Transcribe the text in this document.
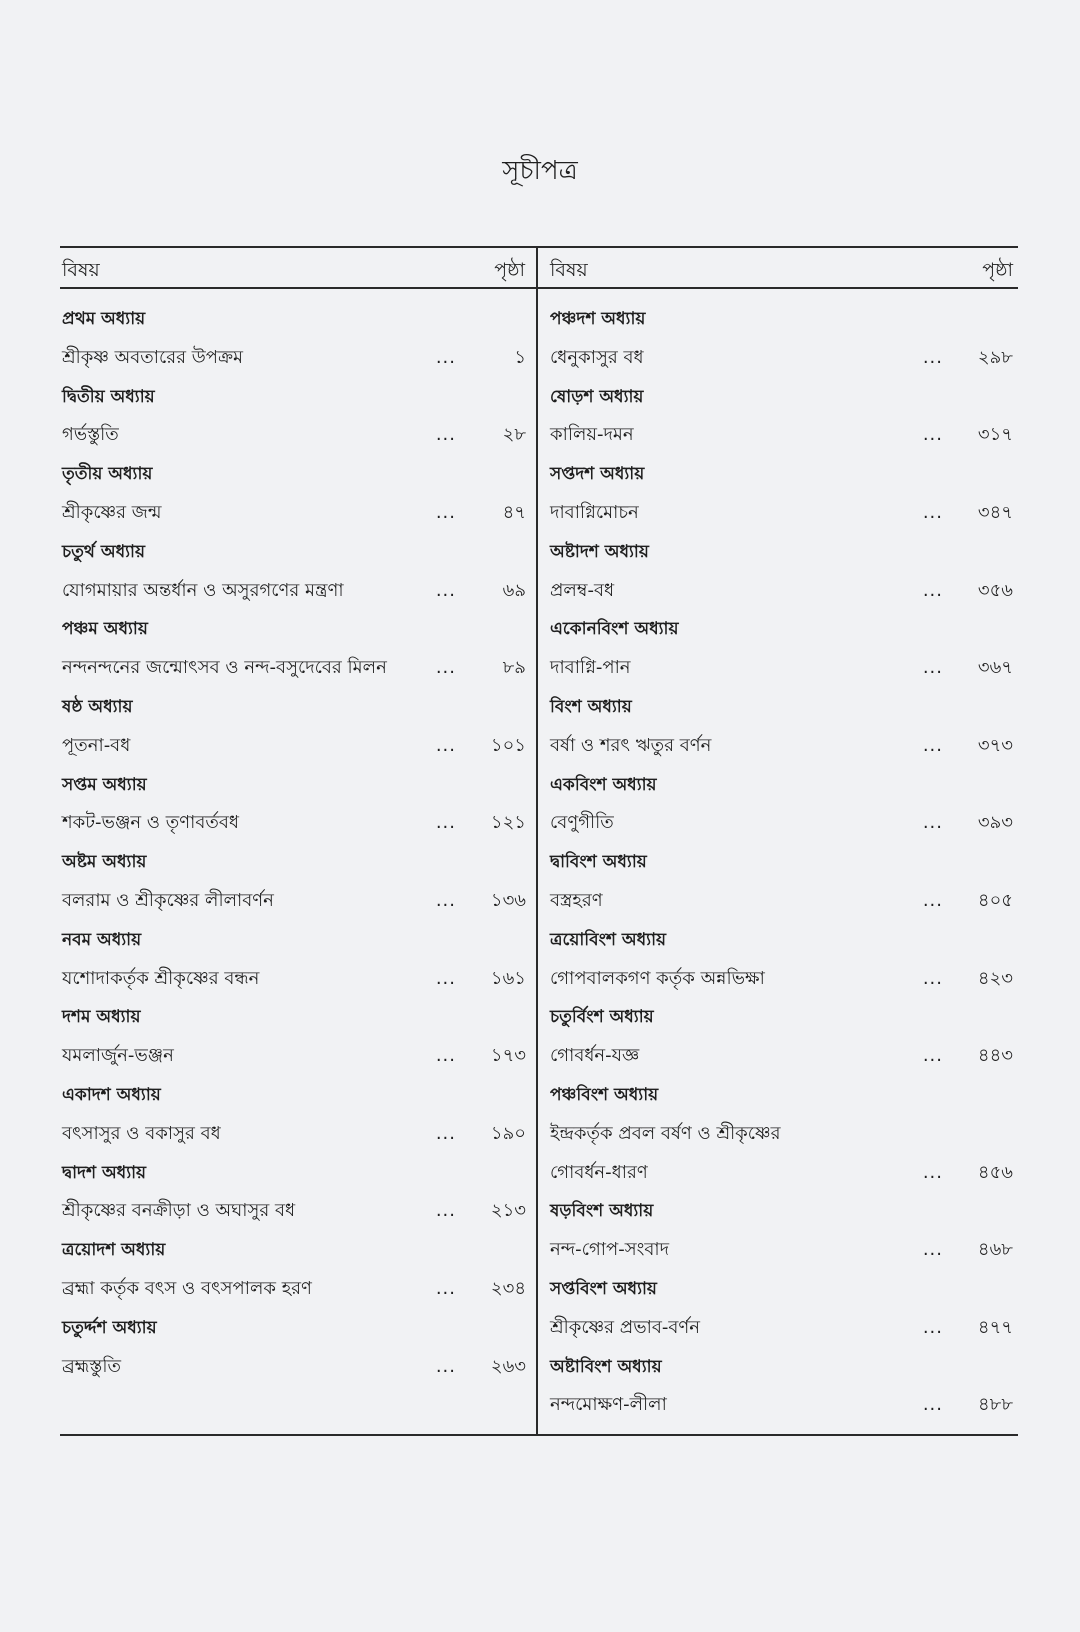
সূচীপত্র
বিষয়	পৃষ্ঠা বিষয়	পৃষ্ঠা
প্রথম অধ্যায়
শ্রীকৃষ্ণ অবতারের উপক্রম	...	১
দ্বিতীয় অধ্যায়
গর্ভস্তুতি	...	২৮
তৃতীয় অধ্যায়
শ্রীকৃষ্ণের জন্ম	...	৪৭
চতুর্থ অধ্যায়
যোগমায়ার অন্তর্ধান ও অসুরগণের মন্ত্রণা	...	৬৯
পঞ্চম অধ্যায়
নন্দনন্দনের জন্মোৎসব ও নন্দ-বসুদেবের মিলন	...	৮৯
ষষ্ঠ অধ্যায়
পূতনা-বধ	... ১০১
সপ্তম অধ্যায়
শকট-ভঞ্জন ও তৃণাবর্তবধ	... ১২১
অষ্টম অধ্যায়
বলরাম ও শ্রীকৃষ্ণের লীলাবর্ণন	... ১৩৬
নবম অধ্যায়
যশোদাকর্তৃক শ্রীকৃষ্ণের বন্ধন	... ১৬১
দশম অধ্যায়
যমলার্জুন-ভঞ্জন	... ১৭৩
একাদশ অধ্যায়
বৎসাসুর ও বকাসুর বধ	... ১৯০
দ্বাদশ অধ্যায়
শ্রীকৃষ্ণের বনক্রীড়া ও অঘাসুর বধ	... ২১৩
ত্রয়োদশ অধ্যায়
ব্রহ্মা কর্তৃক বৎস ও বৎসপালক হরণ	... ২৩৪
চতুর্দ্দশ অধ্যায়
ব্রহ্মস্তুতি	... ২৬৩
পঞ্চদশ অধ্যায়
ধেনুকাসুর বধ	... ২৯৮
ষোড়শ অধ্যায়
কালিয়-দমন	... ৩১৭
সপ্তদশ অধ্যায়
দাবাগ্নিমোচন	... ৩৪৭
অষ্টাদশ অধ্যায়
প্রলম্ব-বধ	... ৩৫৬
একোনবিংশ অধ্যায়
দাবাগ্নি-পান	... ৩৬৭
বিংশ অধ্যায়
বর্ষা ও শরৎ ঋতুর বর্ণন	... ৩৭৩
একবিংশ অধ্যায়
বেণুগীতি	... ৩৯৩
দ্বাবিংশ অধ্যায়
বস্ত্রহরণ	... ৪০৫
ত্রয়োবিংশ অধ্যায়
গোপবালকগণ কর্তৃক অন্নভিক্ষা	... ৪২৩
চতুর্বিংশ অধ্যায়
গোবর্ধন-যজ্ঞ	... ৪৪৩
পঞ্চবিংশ অধ্যায়
ইন্দ্রকর্তৃক প্রবল বর্ষণ ও শ্রীকৃষ্ণের
গোবর্ধন-ধারণ	... ৪৫৬
ষড়বিংশ অধ্যায়
নন্দ-গোপ-সংবাদ	... ৪৬৮
সপ্তবিংশ অধ্যায়
শ্রীকৃষ্ণের প্রভাব-বর্ণন	... ৪৭৭
অষ্টাবিংশ অধ্যায়
নন্দমোক্ষণ-লীলা	... ৪৮৮
